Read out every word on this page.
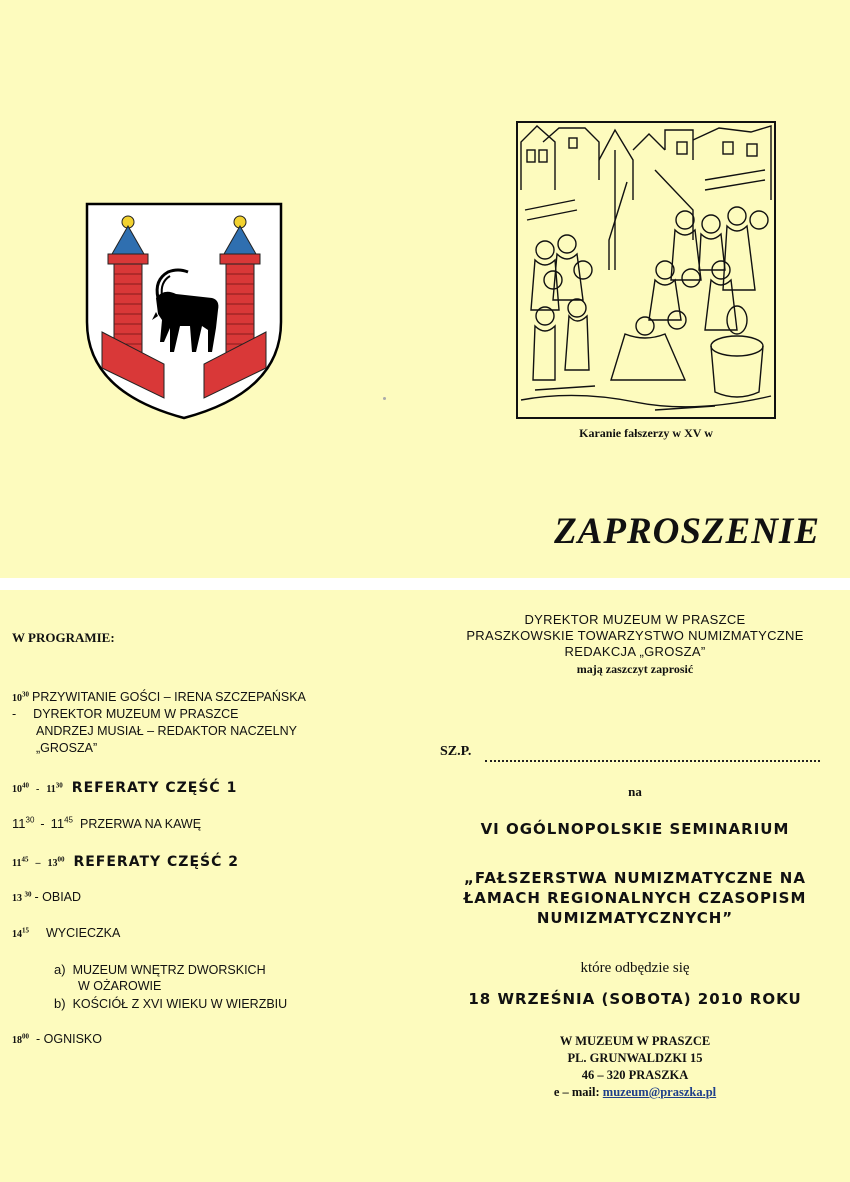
Karanie fałszerzy w XV w
ZAPROSZENIE
W PROGRAMIE:
$10^{30}$ PRZYWITANIE GOŚCI – IRENA SZCZEPAŃSKA
- DYREKTOR MUZEUM W PRASZCE
ANDRZEJ MUSIAŁ – REDAKTOR NACZELNY
„GROSZA”
$10^{40} - 11^{30}$ REFERATY CZĘŚĆ 1
$11^{30} - 11^{45}$ PRZERWA NA KAWĘ
$11^{45} - 13^{00}$ REFERATY CZĘŚĆ 2
13 $^{30}$ - OBIAD
$14^{15}$ WYCIECZKA
a) MUZEUM WNĘTRZ DWORSKICH
W OŻAROWIE
b) KOŚCIÓŁ Z XVI WIEKU W WIERZBIU
$18^{00}$ - OGNISKO
DYREKTOR MUZEUM W PRASZCE
PRASZKOWSKIE TOWARZYSTWO NUMIZMATYCZNE
REDAKCJA „GROSZA”
mają zaszczyt zaprosić
SZ.P.
na
VI OGÓLNOPOLSKIE SEMINARIUM
„FAŁSZERSTWA NUMIZMATYCZNE NA
ŁAMACH REGIONALNYCH CZASOPISM
NUMIZMATYCZNYCH”
które odbędzie się
18 WRZEŚNIA (SOBOTA) 2010 ROKU
W MUZEUM W PRASZCE
PL. GRUNWALDZKI 15
46 – 320 PRASZKA
e – mail: muzeum@praszka.pl
